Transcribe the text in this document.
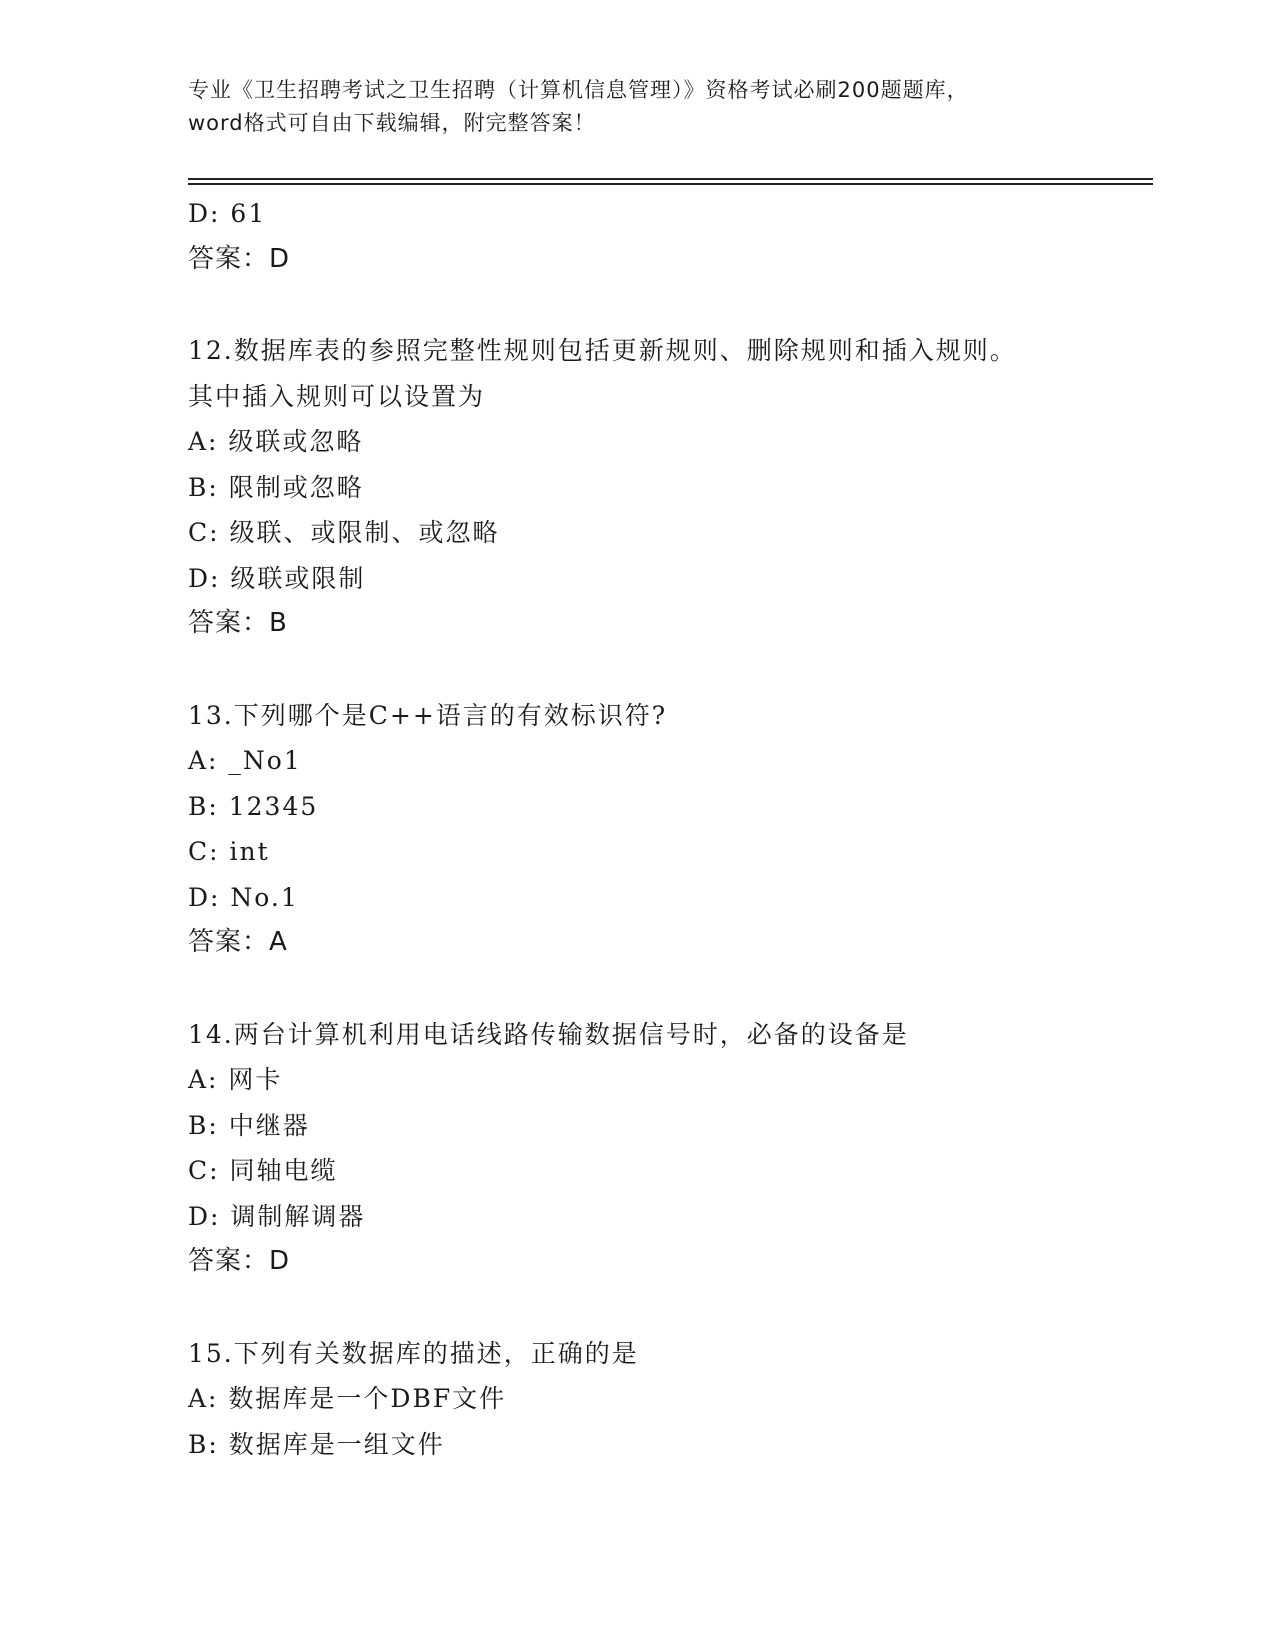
专业《卫生招聘考试之卫生招聘（计算机信息管理）》资格考试必刷200题题库，
word格式可自由下载编辑，附完整答案！
D: 61
答案：D
12.数据库表的参照完整性规则包括更新规则、删除规则和插入规则。
其中插入规则可以设置为
A: 级联或忽略
B: 限制或忽略
C: 级联、或限制、或忽略
D: 级联或限制
答案：B
13.下列哪个是C++语言的有效标识符?
A: _No1
B: 12345
C: int
D: No.1
答案：A
14.两台计算机利用电话线路传输数据信号时，必备的设备是
A: 网卡
B: 中继器
C: 同轴电缆
D: 调制解调器
答案：D
15.下列有关数据库的描述，正确的是
A: 数据库是一个DBF文件
B: 数据库是一组文件
